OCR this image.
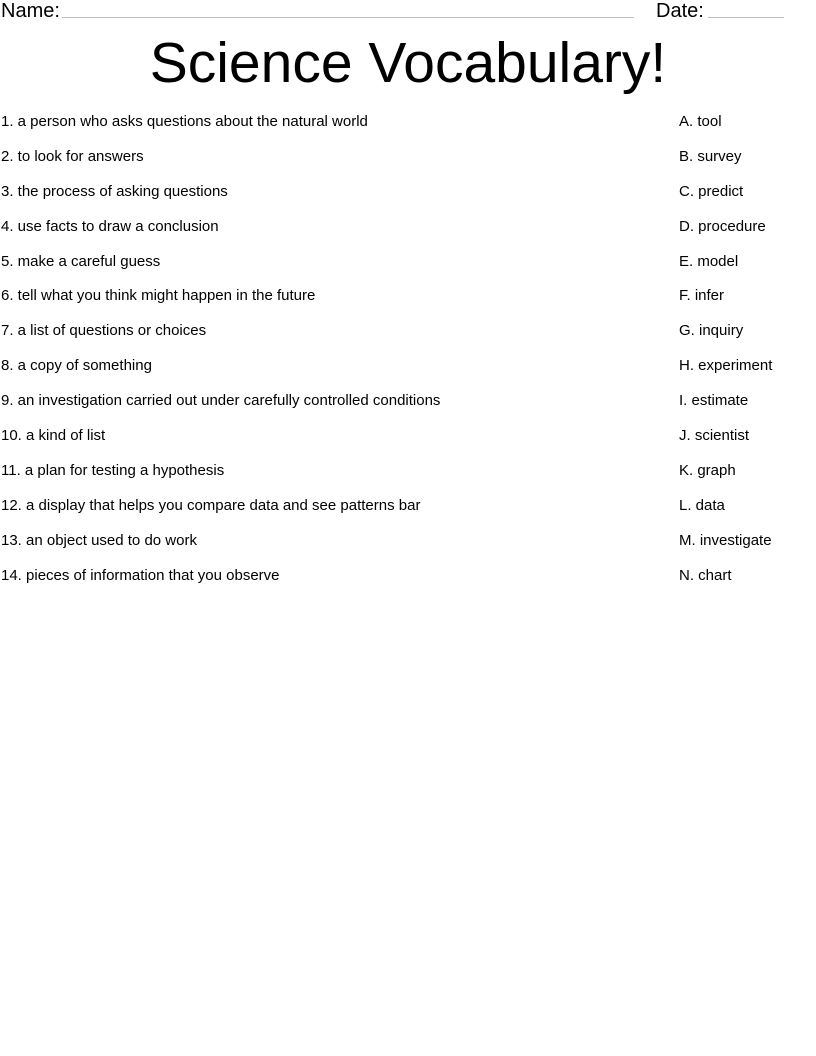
Name:	Date:
Science Vocabulary!
1. a person who asks questions about the natural world
2. to look for answers
3. the process of asking questions
4. use facts to draw a conclusion
5. make a careful guess
6. tell what you think might happen in the future
7. a list of questions or choices
8. a copy of something
9. an investigation carried out under carefully controlled conditions
10. a kind of list
11. a plan for testing a hypothesis
12. a display that helps you compare data and see patterns bar
13. an object used to do work
14. pieces of information that you observe
A. tool
B. survey
C. predict
D. procedure
E. model
F. infer
G. inquiry
H. experiment
I. estimate
J. scientist
K. graph
L. data
M. investigate
N. chart
